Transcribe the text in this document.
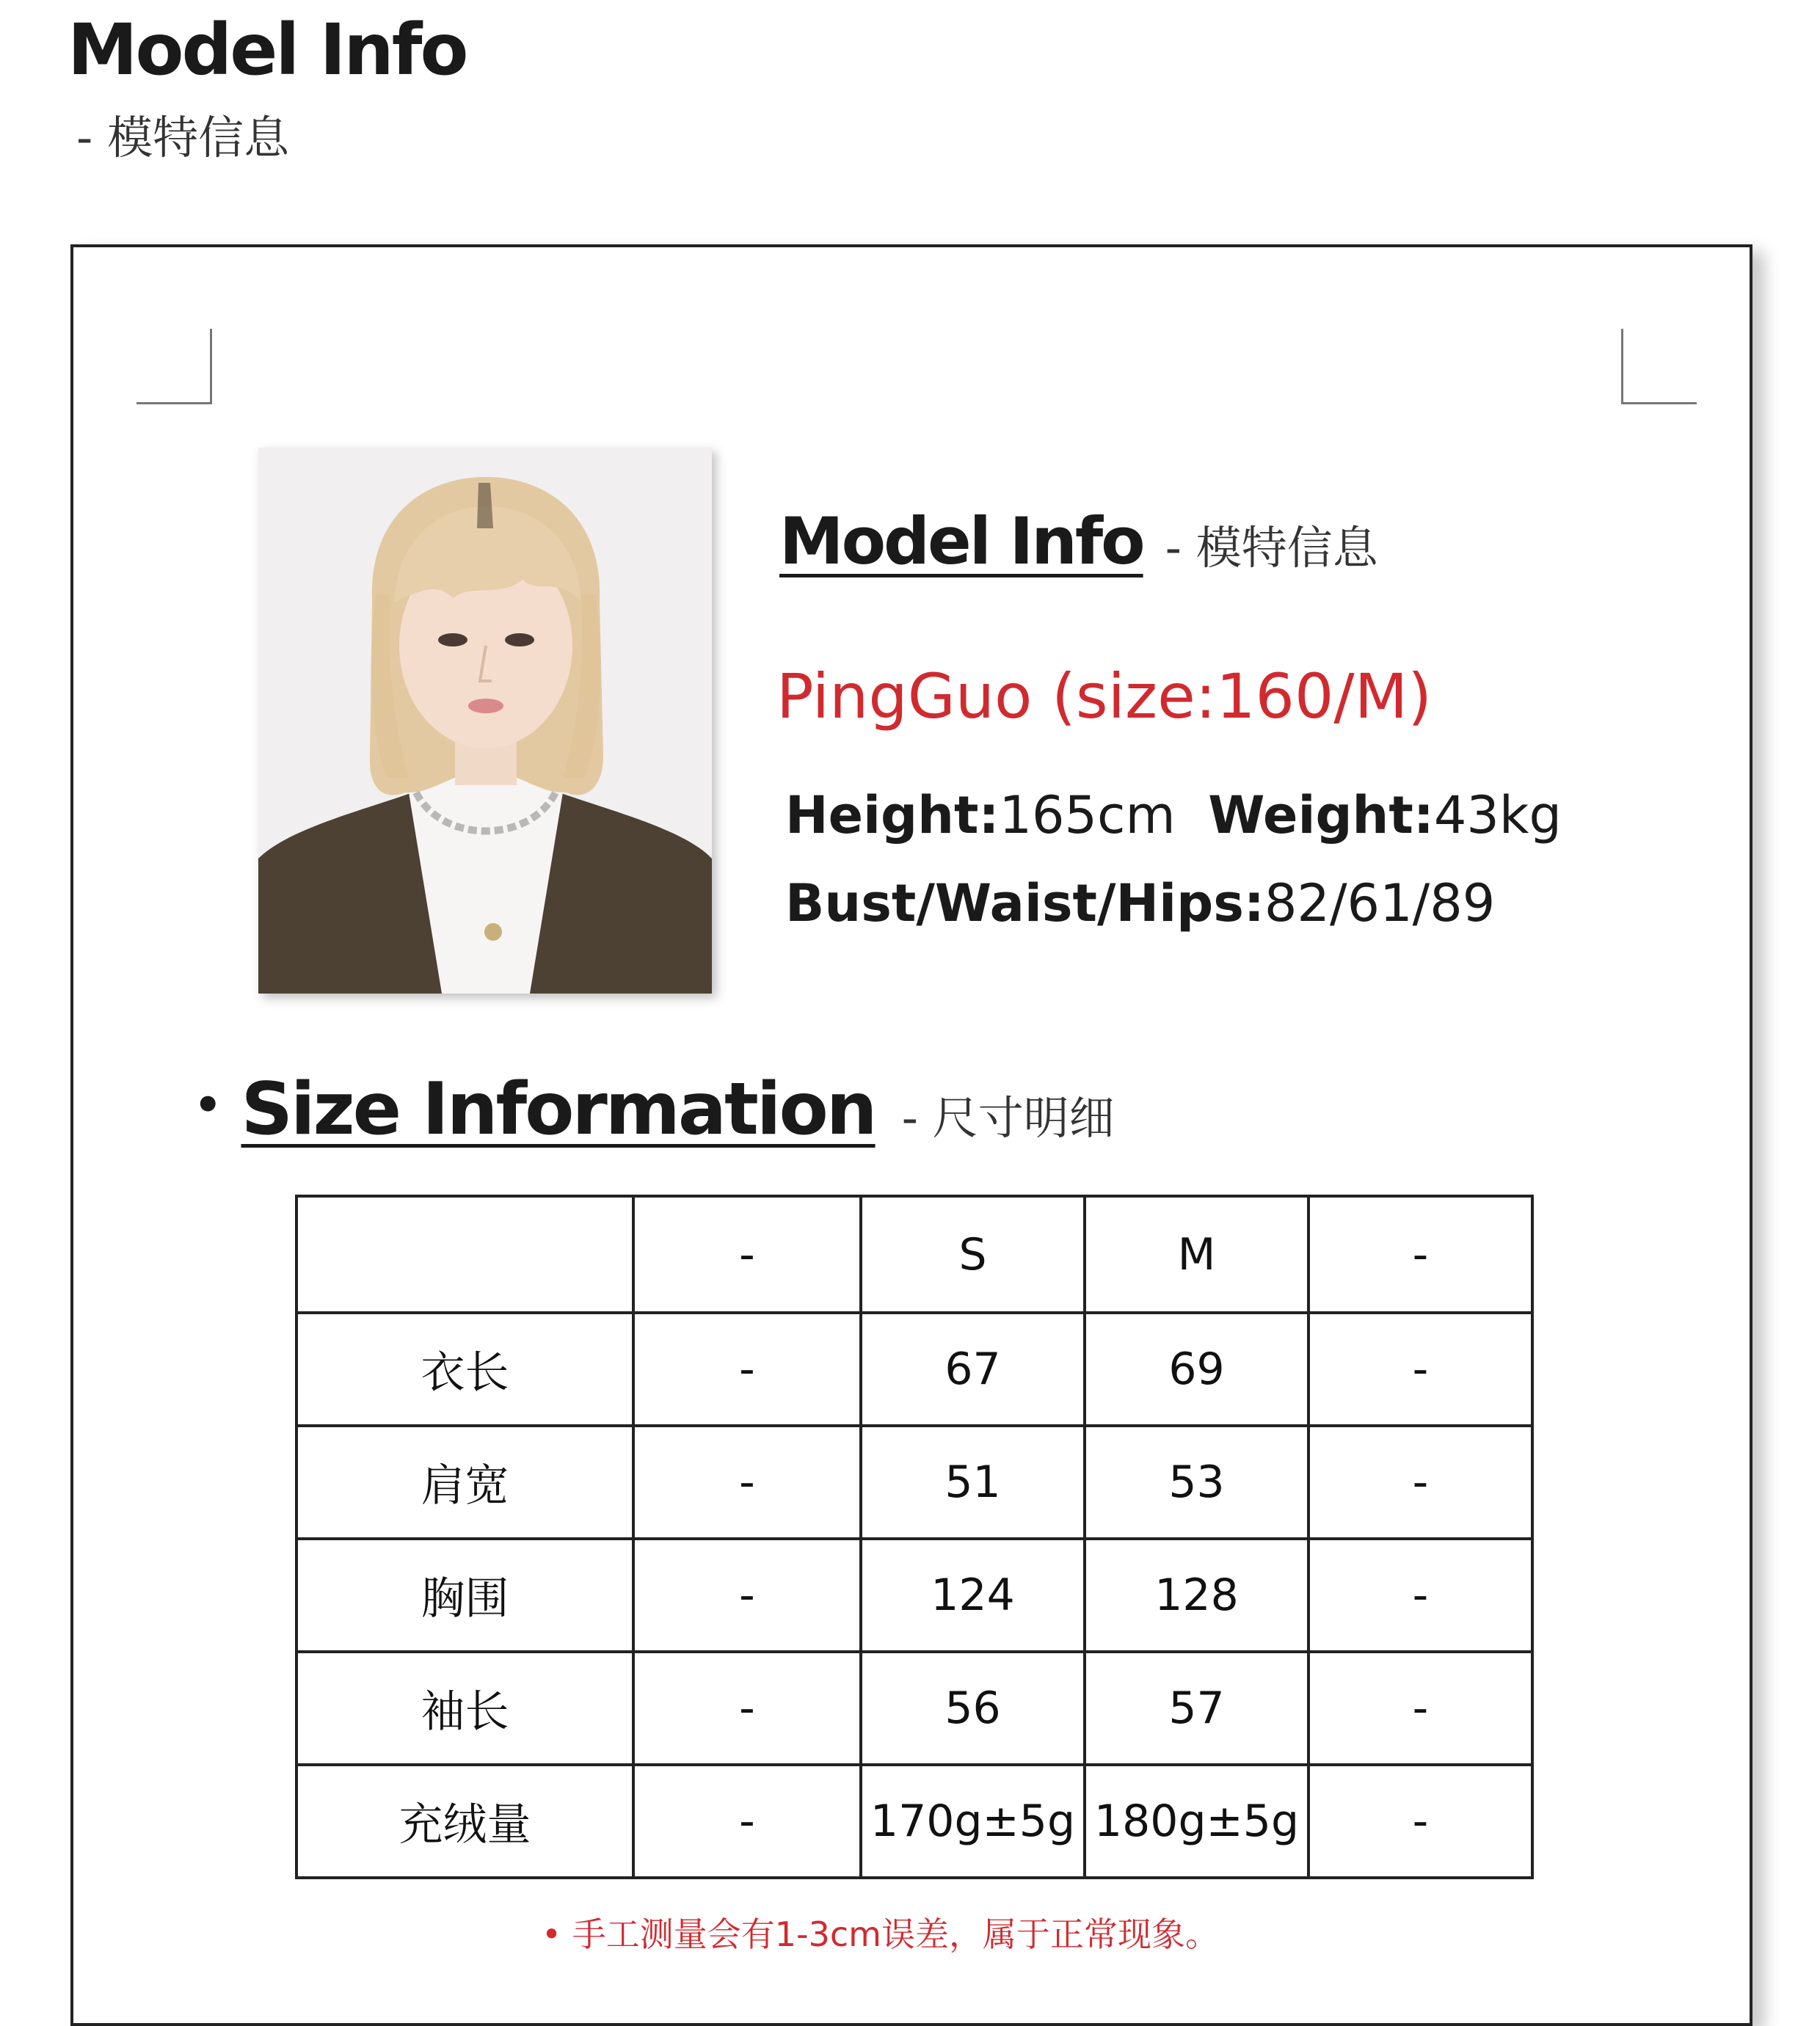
Model Info
- 模特信息
Model Info - 模特信息
PingGuo (size:160/M)
Height:165cm Weight:43kg
Bust/Waist/Hips:82/61/89
• Size Information - 尺寸明细
	-	S	M	-
衣长	-	67	69	-
肩宽	-	51	53	-
胸围	-	124	128	-
袖长	-	56	57	-
充绒量	-	170g±5g	180g±5g	-
• 手工测量会有1-3cm误差，属于正常现象。
